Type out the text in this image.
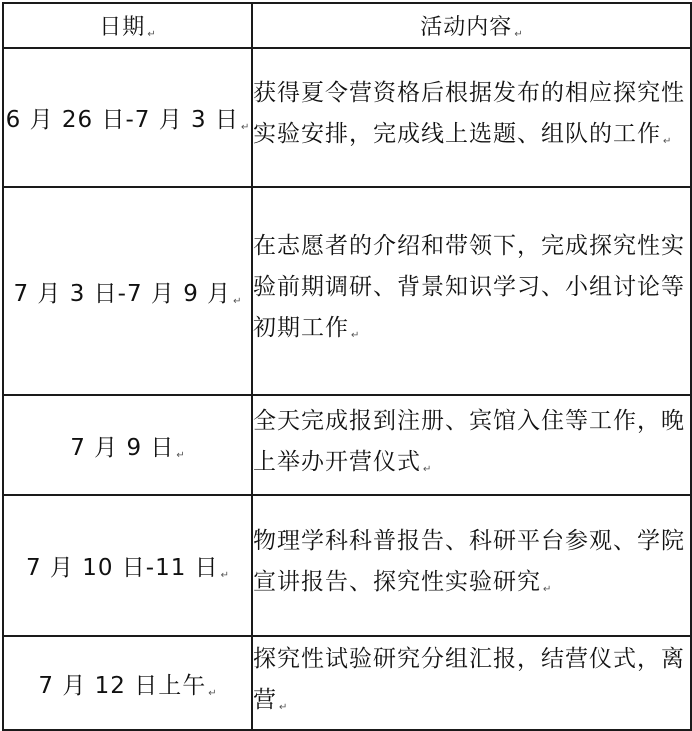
日期 ↵	活动内容 ↵
6 月 26 日-7 月 3 日 ↵	获得夏令营资格后根据发布的相应探究性实验安排，完成线上选题、组队的工作 ↵
7 月 3 日-7 月 9 月 ↵	在志愿者的介绍和带领下，完成探究性实验前期调研、背景知识学习、小组讨论等初期工作 ↵
7 月 9 日 ↵	全天完成报到注册、宾馆入住等工作，晚上举办开营仪式 ↵
7 月 10 日-11 日 ↵	物理学科科普报告、科研平台参观、学院宣讲报告、探究性实验研究 ↵
7 月 12 日上午 ↵	探究性试验研究分组汇报，结营仪式，离营 ↵
